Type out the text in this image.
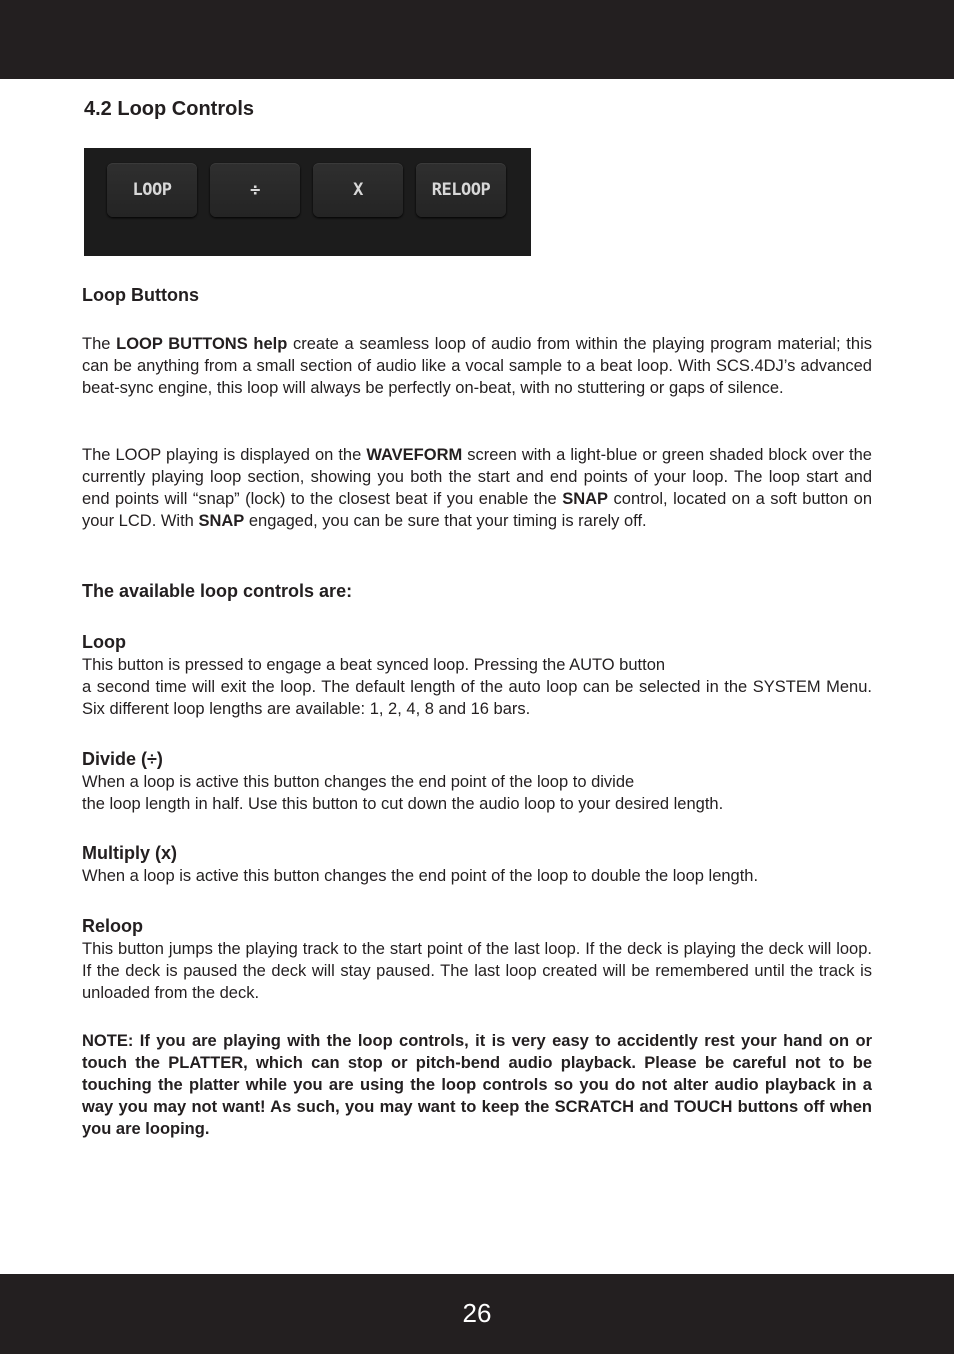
4.2 Loop Controls
LOOP	÷	X	RELOOP

Loop Buttons

The LOOP BUTTONS help create a seamless loop of audio from within the playing program material; this can be anything from a small section of audio like a vocal sample to a beat loop. With SCS.4DJ’s advanced beat-sync engine, this loop will always be perfectly on-beat, with no stuttering or gaps of silence.

The LOOP playing is displayed on the WAVEFORM screen with a light-blue or green shaded block over the currently playing loop section, showing you both the start and end points of your loop. The loop start and end points will “snap” (lock) to the closest beat if you enable the SNAP control, located on a soft button on your LCD. With SNAP engaged, you can be sure that your timing is rarely off.

The available loop controls are:

Loop

This button is pressed to engage a beat synced loop. Pressing the AUTO button

a second time will exit the loop. The default length of the auto loop can be selected in the SYSTEM Menu. Six different loop lengths are available: 1, 2, 4, 8 and 16 bars.

Divide (÷)

When a loop is active this button changes the end point of the loop to divide

the loop length in half. Use this button to cut down the audio loop to your desired length.

Multiply (x)

When a loop is active this button changes the end point of the loop to double the loop length.

Reloop

This button jumps the playing track to the start point of the last loop. If the deck is playing the deck will loop. If the deck is paused the deck will stay paused. The last loop created will be remembered until the track is unloaded from the deck.

NOTE: If you are playing with the loop controls, it is very easy to accidently rest your hand on or touch the PLATTER, which can stop or pitch-bend audio playback. Please be careful not to be touching the platter while you are using the loop controls so you do not alter audio playback in a way you may not want! As such, you may want to keep the SCRATCH and TOUCH buttons off when you are looping.

26
